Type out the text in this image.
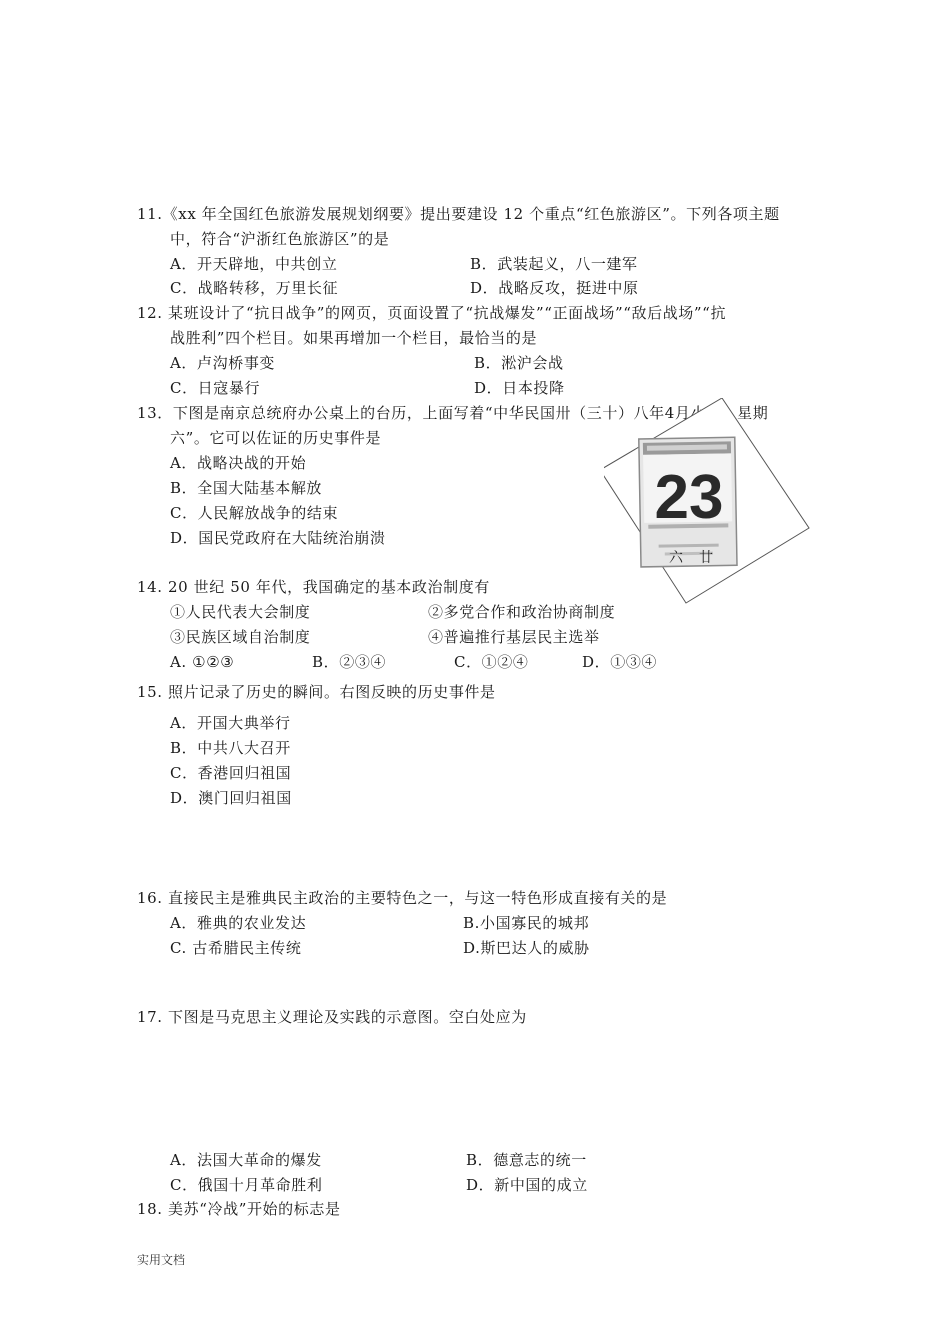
11.《xx 年全国红色旅游发展规划纲要》提出要建设 12 个重点“红色旅游区”。下列各项主题
中，符合“沪浙红色旅游区”的是
A．开天辟地，中共创立	B．武装起义，八一建军
C．战略转移，万里长征	D．战略反攻，挺进中原
12. 某班设计了“抗日战争”的网页，页面设置了“抗战爆发”“正面战场”“敌后战场”“抗
战胜利”四个栏目。如果再增加一个栏目，最恰当的是
A．卢沟桥事变	B．淞沪会战
C．日寇暴行	D．日本投降
13．下图是南京总统府办公桌上的台历，上面写着“中华民国卅（三十）八年4月小 23 星期
六”。它可以佐证的历史事件是
A．战略决战的开始
B．全国大陆基本解放
C．人民解放战争的结束
D．国民党政府在大陆统治崩溃
23
廿
六
14. 20 世纪 50 年代，我国确定的基本政治制度有
①人民代表大会制度	②多党合作和政治协商制度
③民族区域自治制度	④普遍推行基层民主选举
A. ①②③	B．②③④	C．①②④	D．①③④
15. 照片记录了历史的瞬间。右图反映的历史事件是
A．开国大典举行
B．中共八大召开
C．香港回归祖国
D．澳门回归祖国
16. 直接民主是雅典民主政治的主要特色之一，与这一特色形成直接有关的是
A．雅典的农业发达	B.小国寡民的城邦
C. 古希腊民主传统	D.斯巴达人的威胁
17. 下图是马克思主义理论及实践的示意图。空白处应为
A．法国大革命的爆发	B．德意志的统一
C．俄国十月革命胜利	D．新中国的成立
18. 美苏“冷战”开始的标志是
实用文档
